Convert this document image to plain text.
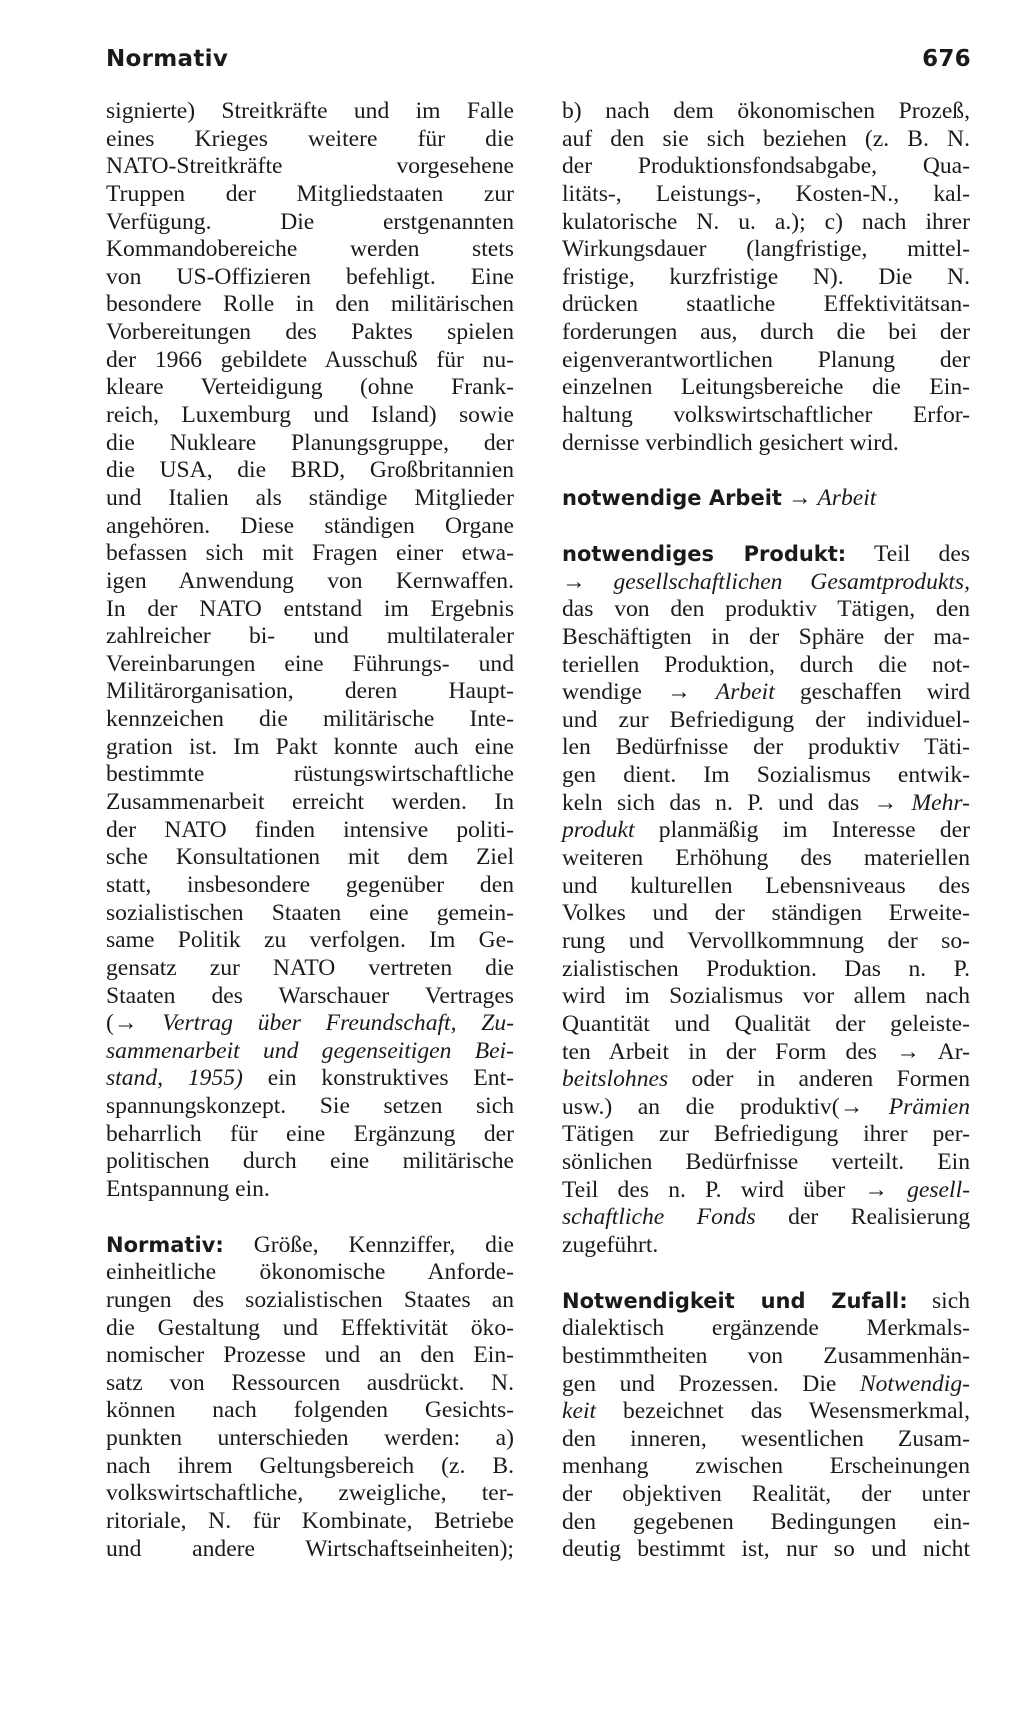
Normativ	676
signierte) Streitkräfte und im Falle
eines Krieges weitere für die
NATO-Streitkräfte vorgesehene
Truppen der Mitgliedstaaten zur
Verfügung. Die erstgenannten
Kommandobereiche werden stets
von US-Offizieren befehligt. Eine
besondere Rolle in den militärischen
Vorbereitungen des Paktes spielen
der 1966 gebildete Ausschuß für nu-
kleare Verteidigung (ohne Frank-
reich, Luxemburg und Island) sowie
die Nukleare Planungsgruppe, der
die USA, die BRD, Großbritannien
und Italien als ständige Mitglieder
angehören. Diese ständigen Organe
befassen sich mit Fragen einer etwa-
igen Anwendung von Kernwaffen.
In der NATO entstand im Ergebnis
zahlreicher bi- und multilateraler
Vereinbarungen eine Führungs- und
Militärorganisation, deren Haupt-
kennzeichen die militärische Inte-
gration ist. Im Pakt konnte auch eine
bestimmte rüstungswirtschaftliche
Zusammenarbeit erreicht werden. In
der NATO finden intensive politi-
sche Konsultationen mit dem Ziel
statt, insbesondere gegenüber den
sozialistischen Staaten eine gemein-
same Politik zu verfolgen. Im Ge-
gensatz zur NATO vertreten die
Staaten des Warschauer Vertrages
(→ Vertrag über Freundschaft, Zu-
sammenarbeit und gegenseitigen Bei-
stand, 1955) ein konstruktives Ent-
spannungskonzept. Sie setzen sich
beharrlich für eine Ergänzung der
politischen durch eine militärische
Entspannung ein.
Normativ: Größe, Kennziffer, die
einheitliche ökonomische Anforde-
rungen des sozialistischen Staates an
die Gestaltung und Effektivität öko-
nomischer Prozesse und an den Ein-
satz von Ressourcen ausdrückt. N.
können nach folgenden Gesichts-
punkten unterschieden werden: a)
nach ihrem Geltungsbereich (z. B.
volkswirtschaftliche, zweigliche, ter-
ritoriale, N. für Kombinate, Betriebe
und andere Wirtschaftseinheiten);
b) nach dem ökonomischen Prozeß,
auf den sie sich beziehen (z. B. N.
der Produktionsfondsabgabe, Qua-
litäts-, Leistungs-, Kosten-N., kal-
kulatorische N. u. a.); c) nach ihrer
Wirkungsdauer (langfristige, mittel-
fristige, kurzfristige N). Die N.
drücken staatliche Effektivitätsan-
forderungen aus, durch die bei der
eigenverantwortlichen Planung der
einzelnen Leitungsbereiche die Ein-
haltung volkswirtschaftlicher Erfor-
dernisse verbindlich gesichert wird.
notwendige Arbeit → Arbeit
notwendiges Produkt: Teil des
→ gesellschaftlichen Gesamtprodukts,
das von den produktiv Tätigen, den
Beschäftigten in der Sphäre der ma-
teriellen Produktion, durch die not-
wendige → Arbeit geschaffen wird
und zur Befriedigung der individuel-
len Bedürfnisse der produktiv Täti-
gen dient. Im Sozialismus entwik-
keln sich das n. P. und das → Mehr-
produkt planmäßig im Interesse der
weiteren Erhöhung des materiellen
und kulturellen Lebensniveaus des
Volkes und der ständigen Erweite-
rung und Vervollkommnung der so-
zialistischen Produktion. Das n. P.
wird im Sozialismus vor allem nach
Quantität und Qualität der geleiste-
ten Arbeit in der Form des → Ar-
beitslohnes oder in anderen Formen
usw.) an die produktiv(→ Prämien
Tätigen zur Befriedigung ihrer per-
sönlichen Bedürfnisse verteilt. Ein
Teil des n. P. wird über → gesell-
schaftliche Fonds der Realisierung
zugeführt.
Notwendigkeit und Zufall: sich
dialektisch ergänzende Merkmals-
bestimmtheiten von Zusammenhän-
gen und Prozessen. Die Notwendig-
keit bezeichnet das Wesensmerkmal,
den inneren, wesentlichen Zusam-
menhang zwischen Erscheinungen
der objektiven Realität, der unter
den gegebenen Bedingungen ein-
deutig bestimmt ist, nur so und nicht
